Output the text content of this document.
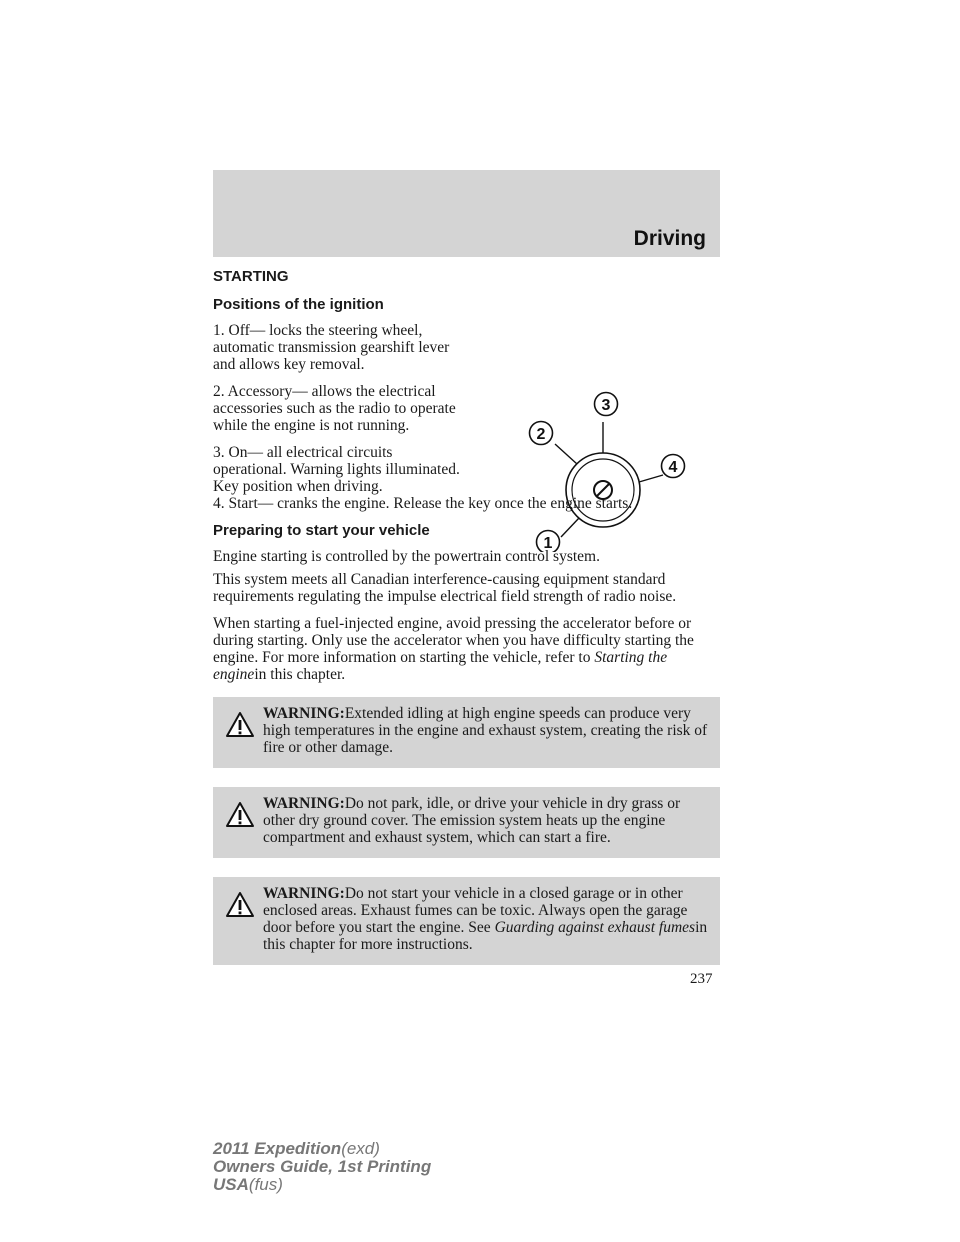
Driving
STARTING
Positions of the ignition

1. Off— locks the steering wheel, automatic transmission gearshift lever and allows key removal.

2. Accessory— allows the electrical accessories such as the radio to operate while the engine is not running.

3. On— all electrical circuits operational. Warning lights illuminated. Key position when driving.

3
2
4
1

4. Start— cranks the engine. Release the key once the engine starts.

Preparing to start your vehicle

Engine starting is controlled by the powertrain control system.

This system meets all Canadian interference-causing equipment standard requirements regulating the impulse electrical field strength of radio noise.

When starting a fuel-injected engine, avoid pressing the accelerator before or during starting. Only use the accelerator when you have difficulty starting the engine. For more information on starting the vehicle, refer to Starting the enginein this chapter.

WARNING:Extended idling at high engine speeds can produce very high temperatures in the engine and exhaust system, creating the risk of fire or other damage.
WARNING:Do not park, idle, or drive your vehicle in dry grass or other dry ground cover. The emission system heats up the engine compartment and exhaust system, which can start a fire.
WARNING:Do not start your vehicle in a closed garage or in other enclosed areas. Exhaust fumes can be toxic. Always open the garage door before you start the engine. See Guarding against exhaust fumesin this chapter for more instructions.
237
2011 Expedition(exd)
Owners Guide, 1st Printing
USA(fus)
